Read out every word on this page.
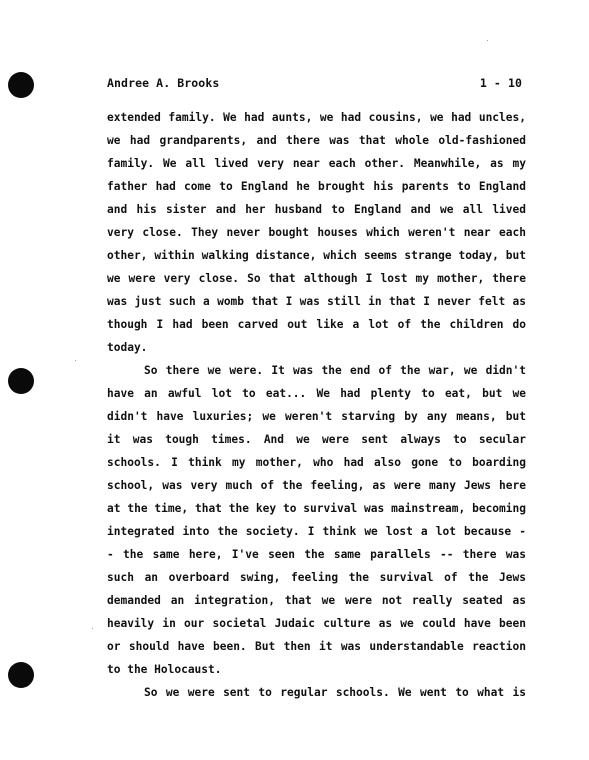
Andree A. Brooks	1 - 10
extended family. We had aunts, we had cousins, we had uncles,
we had grandparents, and there was that whole old-fashioned
family. We all lived very near each other. Meanwhile, as my
father had come to England he brought his parents to England
and his sister and her husband to England and we all lived
very close. They never bought houses which weren't near each
other, within walking distance, which seems strange today, but
we were very close. So that although I lost my mother, there
was just such a womb that I was still in that I never felt as
though I had been carved out like a lot of the children do
today.
So there we were. It was the end of the war, we didn't
have an awful lot to eat... We had plenty to eat, but we
didn't have luxuries; we weren't starving by any means, but
it was tough times. And we were sent always to secular
schools. I think my mother, who had also gone to boarding
school, was very much of the feeling, as were many Jews here
at the time, that the key to survival was mainstream, becoming
integrated into the society. I think we lost a lot because -
- the same here, I've seen the same parallels -- there was
such an overboard swing, feeling the survival of the Jews
demanded an integration, that we were not really seated as
heavily in our societal Judaic culture as we could have been
or should have been. But then it was understandable reaction
to the Holocaust.
So we were sent to regular schools. We went to what is
